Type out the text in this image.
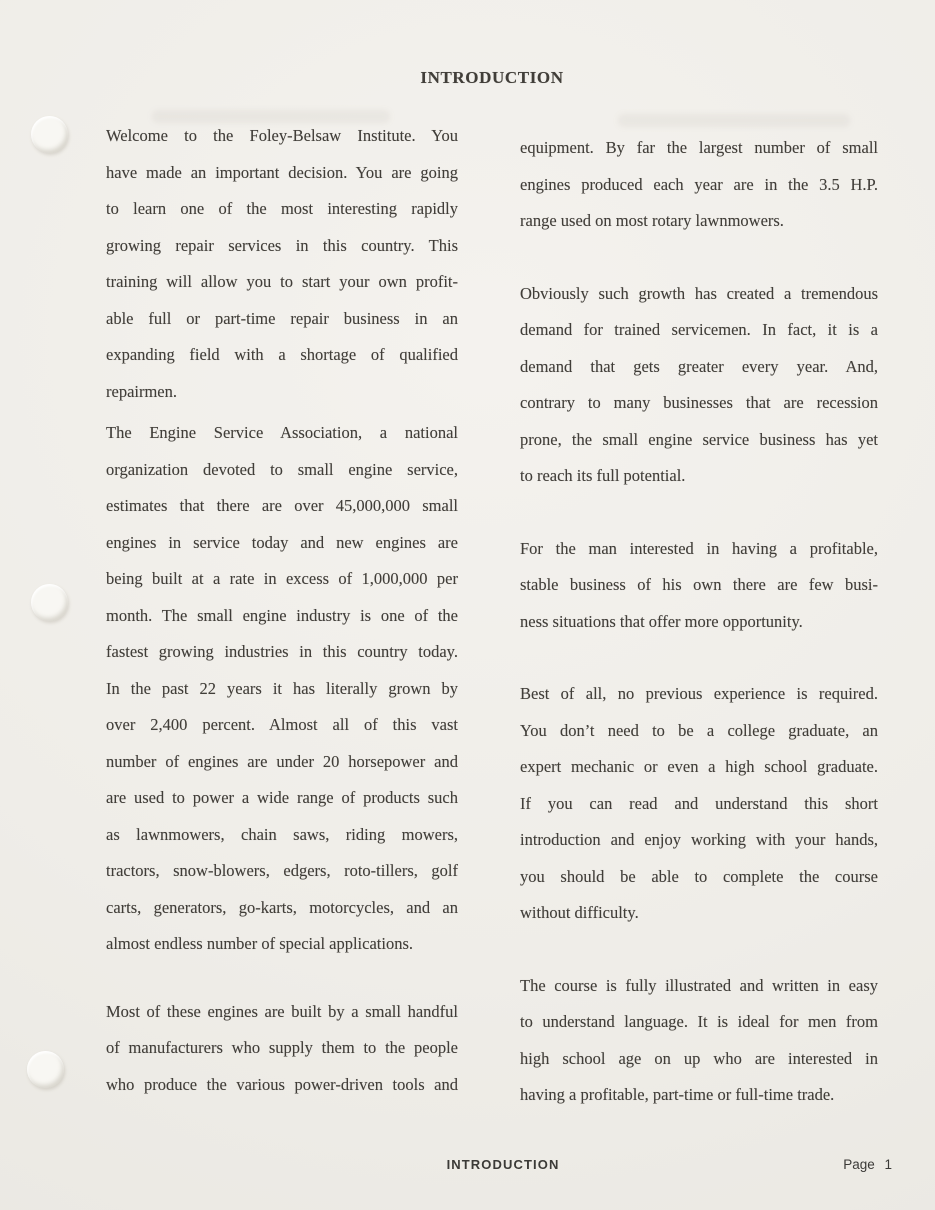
INTRODUCTION
Welcome to the Foley-Belsaw Institute. You
have made an important decision. You are going
to learn one of the most interesting rapidly
growing repair services in this country. This
training will allow you to start your own profit-
able full or part-time repair business in an
expanding field with a shortage of qualified
repairmen.
The Engine Service Association, a national
organization devoted to small engine service,
estimates that there are over 45,000,000 small
engines in service today and new engines are
being built at a rate in excess of 1,000,000 per
month. The small engine industry is one of the
fastest growing industries in this country today.
In the past 22 years it has literally grown by
over 2,400 percent. Almost all of this vast
number of engines are under 20 horsepower and
are used to power a wide range of products such
as lawnmowers, chain saws, riding mowers,
tractors, snow-blowers, edgers, roto-tillers, golf
carts, generators, go-karts, motorcycles, and an
almost endless number of special applications.
Most of these engines are built by a small handful
of manufacturers who supply them to the people
who produce the various power-driven tools and
equipment. By far the largest number of small
engines produced each year are in the 3.5 H.P.
range used on most rotary lawnmowers.
Obviously such growth has created a tremendous
demand for trained servicemen. In fact, it is a
demand that gets greater every year. And,
contrary to many businesses that are recession
prone, the small engine service business has yet
to reach its full potential.
For the man interested in having a profitable,
stable business of his own there are few busi-
ness situations that offer more opportunity.
Best of all, no previous experience is required.
You don’t need to be a college graduate, an
expert mechanic or even a high school graduate.
If you can read and understand this short
introduction and enjoy working with your hands,
you should be able to complete the course
without difficulty.
The course is fully illustrated and written in easy
to understand language. It is ideal for men from
high school age on up who are interested in
having a profitable, part-time or full-time trade.
INTRODUCTION	Page 1
